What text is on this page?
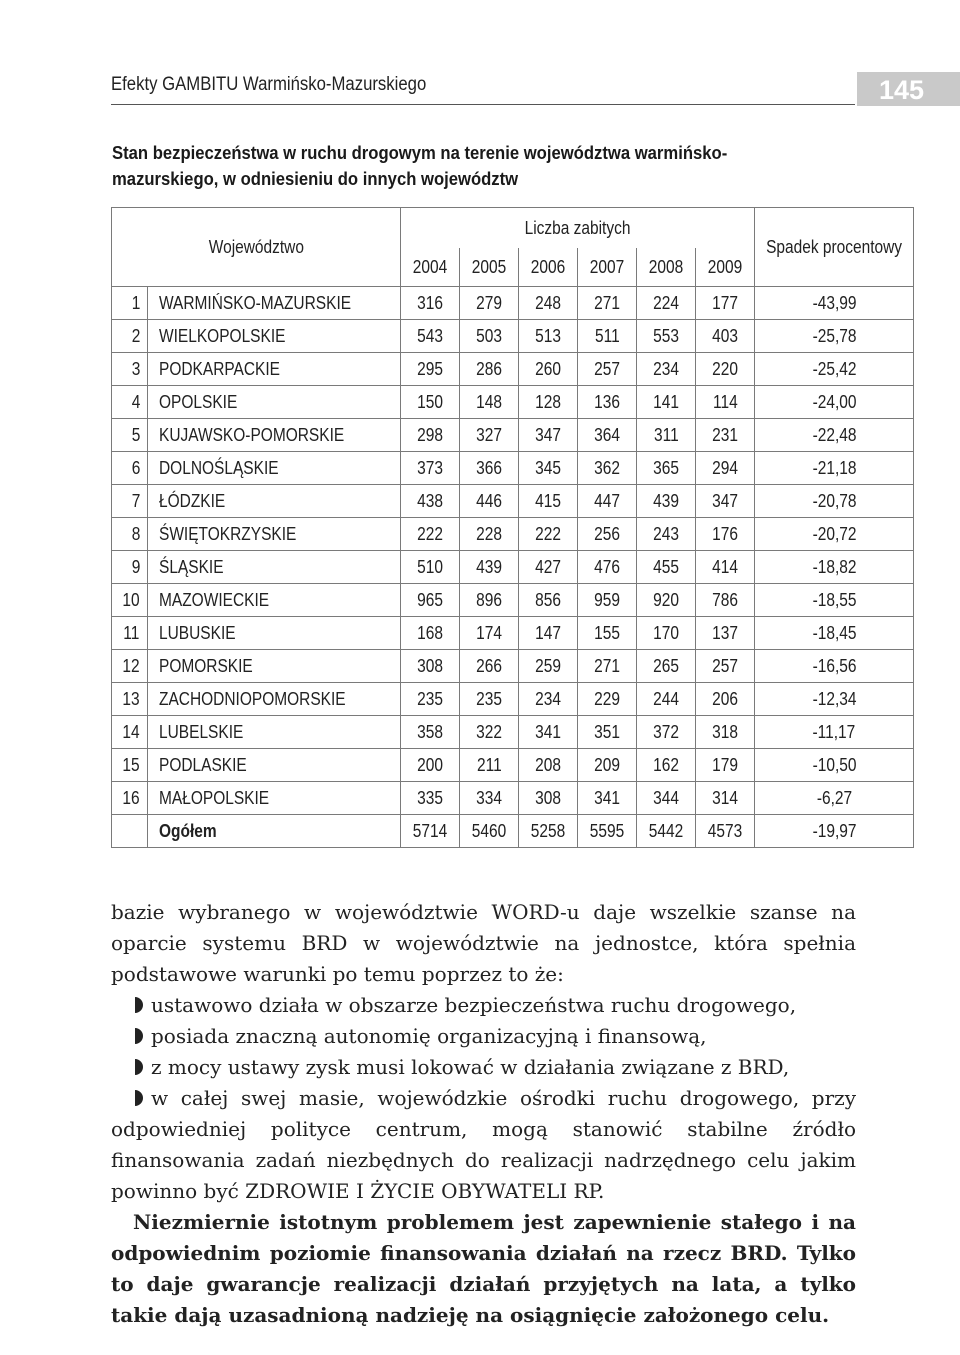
Efekty GAMBITU Warmińsko-Mazurskiego	145
Stan bezpieczeństwa w ruchu drogowym na terenie województwa warmińsko-mazurskiego, w odniesieniu do innych województw
Województwo		Liczba zabitych						Spadek procentowy
		2004	2005	2006	2007	2008	2009	
1	WARMIŃSKO-MAZURSKIE	316	279	248	271	224	177	-43,99
2	WIELKOPOLSKIE	543	503	513	511	553	403	-25,78
3	PODKARPACKIE	295	286	260	257	234	220	-25,42
4	OPOLSKIE	150	148	128	136	141	114	-24,00
5	KUJAWSKO-POMORSKIE	298	327	347	364	311	231	-22,48
6	DOLNOŚLĄSKIE	373	366	345	362	365	294	-21,18
7	ŁÓDZKIE	438	446	415	447	439	347	-20,78
8	ŚWIĘTOKRZYSKIE	222	228	222	256	243	176	-20,72
9	ŚLĄSKIE	510	439	427	476	455	414	-18,82
10	MAZOWIECKIE	965	896	856	959	920	786	-18,55
11	LUBUSKIE	168	174	147	155	170	137	-18,45
12	POMORSKIE	308	266	259	271	265	257	-16,56
13	ZACHODNIOPOMORSKIE	235	235	234	229	244	206	-12,34
14	LUBELSKIE	358	322	341	351	372	318	-11,17
15	PODLASKIE	200	211	208	209	162	179	-10,50
16	MAŁOPOLSKIE	335	334	308	341	344	314	-6,27
	Ogółem	5714	5460	5258	5595	5442	4573	-19,97

bazie wybranego w województwie WORD-u daje wszelkie szanse na oparcie systemu BRD w województwie na jednostce, która spełnia podstawowe warunki po temu poprzez to że:

ustawowo działa w obszarze bezpieczeństwa ruchu drogowego,

posiada znaczną autonomię organizacyjną i finansową,

z mocy ustawy zysk musi lokować w działania związane z BRD,

w całej swej masie, wojewódzkie ośrodki ruchu drogowego, przy odpowiedniej polityce centrum, mogą stanowić stabilne źródło finansowania zadań niezbędnych do realizacji nadrzędnego celu jakim powinno być ZDROWIE I ŻYCIE OBYWATELI RP.

Niezmiernie istotnym problemem jest zapewnienie stałego i na odpowiednim poziomie finansowania działań na rzecz BRD. Tylko to daje gwarancje realizacji działań przyjętych na lata, a tylko takie dają uzasadnioną nadzieję na osiągnięcie założonego celu.
